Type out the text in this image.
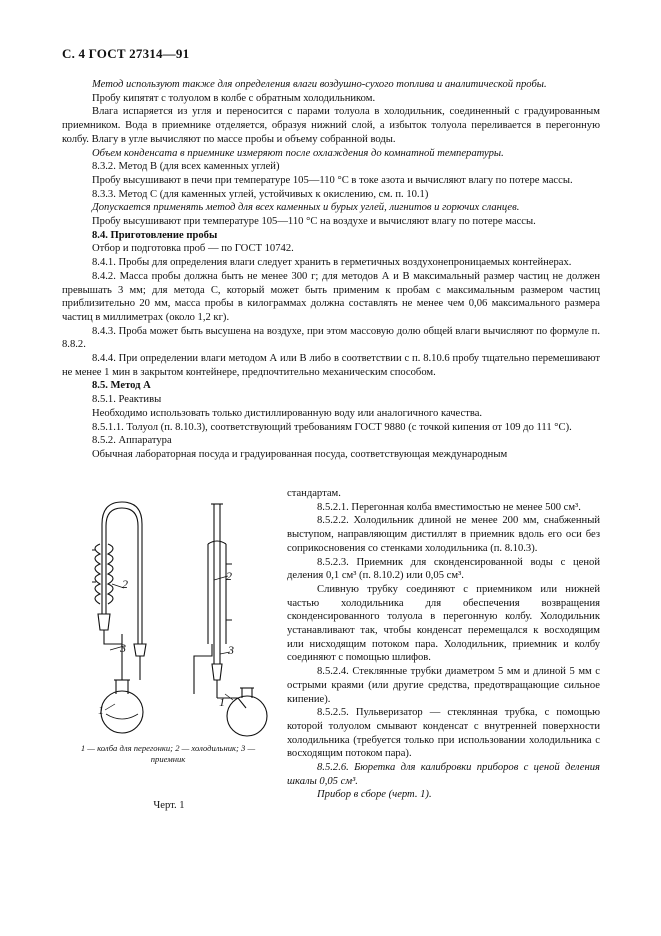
С. 4 ГОСТ 27314—91

Метод используют также для определения влаги воздушно-сухого топлива и аналитической пробы.

Пробу кипятят с толуолом в колбе с обратным холодильником.

Влага испаряется из угля и переносится с парами толуола в холодильник, соединенный с градуированным приемником. Вода в приемнике отделяется, образуя нижний слой, а избыток толуола переливается в перегонную колбу. Влагу в угле вычисляют по массе пробы и объему собранной воды.

Объем конденсата в приемнике измеряют после охлаждения до комнатной температуры.

8.3.2. Метод В (для всех каменных углей)

Пробу высушивают в печи при температуре 105—110 °С в токе азота и вычисляют влагу по потере массы.

8.3.3. Метод С (для каменных углей, устойчивых к окислению, см. п. 10.1)

Допускается применять метод для всех каменных и бурых углей, лигнитов и горючих сланцев.

Пробу высушивают при температуре 105—110 °С на воздухе и вычисляют влагу по потере массы.

8.4. Приготовление пробы

Отбор и подготовка проб — по ГОСТ 10742.

8.4.1. Пробы для определения влаги следует хранить в герметичных воздухонепроницаемых контейнерах.

8.4.2. Масса пробы должна быть не менее 300 г; для методов А и В максимальный размер частиц не должен превышать 3 мм; для метода С, который может быть применим к пробам с максимальным размером частиц приблизительно 20 мм, масса пробы в килограммах должна составлять не менее чем 0,06 максимального размера частиц в миллиметрах (около 1,2 кг).

8.4.3. Проба может быть высушена на воздухе, при этом массовую долю общей влаги вычисляют по формуле п. 8.8.2.

8.4.4. При определении влаги методом А или В либо в соответствии с п. 8.10.6 пробу тщательно перемешивают не менее 1 мин в закрытом контейнере, предпочтительно механическим способом.

8.5. Метод А

8.5.1. Реактивы

Необходимо использовать только дистиллированную воду или аналогичного качества.

8.5.1.1. Толуол (п. 8.10.3), соответствующий требованиям ГОСТ 9880 (с точкой кипения от 109 до 111 °С).

8.5.2. Аппаратура

Обычная лабораторная посуда и градуированная посуда, соответствующая международным

стандартам.

8.5.2.1. Перегонная колба вместимостью не менее 500 см³.

8.5.2.2. Холодильник длиной не менее 200 мм, снабженный выступом, направляющим дистиллят в приемник вдоль его оси без соприкосновения со стенками холодильника (п. 8.10.3).

8.5.2.3. Приемник для сконденсированной воды с ценой деления 0,1 см³ (п. 8.10.2) или 0,05 см³.

Сливную трубку соединяют с приемником или нижней частью холодильника для обеспечения возвращения сконденсированного толуола в перегонную колбу. Холодильник устанавливают так, чтобы конденсат перемещался к восходящим или нисходящим потоком пара. Холодильник, приемник и колбу соединяют с помощью шлифов.

8.5.2.4. Стеклянные трубки диаметром 5 мм и длиной 5 мм с острыми краями (или другие средства, предотвращающие сильное кипение).

8.5.2.5. Пульверизатор — стеклянная трубка, с помощью которой толуолом смывают конденсат с внутренней поверхности холодильника (требуется только при использовании холодильника с восходящим потоком пара).

8.5.2.6. Бюретка для калибровки приборов с ценой деления шкалы 0,05 см³.

Прибор в сборе (черт. 1).

1
2
3
1
2
3
1 — колба для перегонки; 2 — холодильник; 3 — приемник
Черт. 1
